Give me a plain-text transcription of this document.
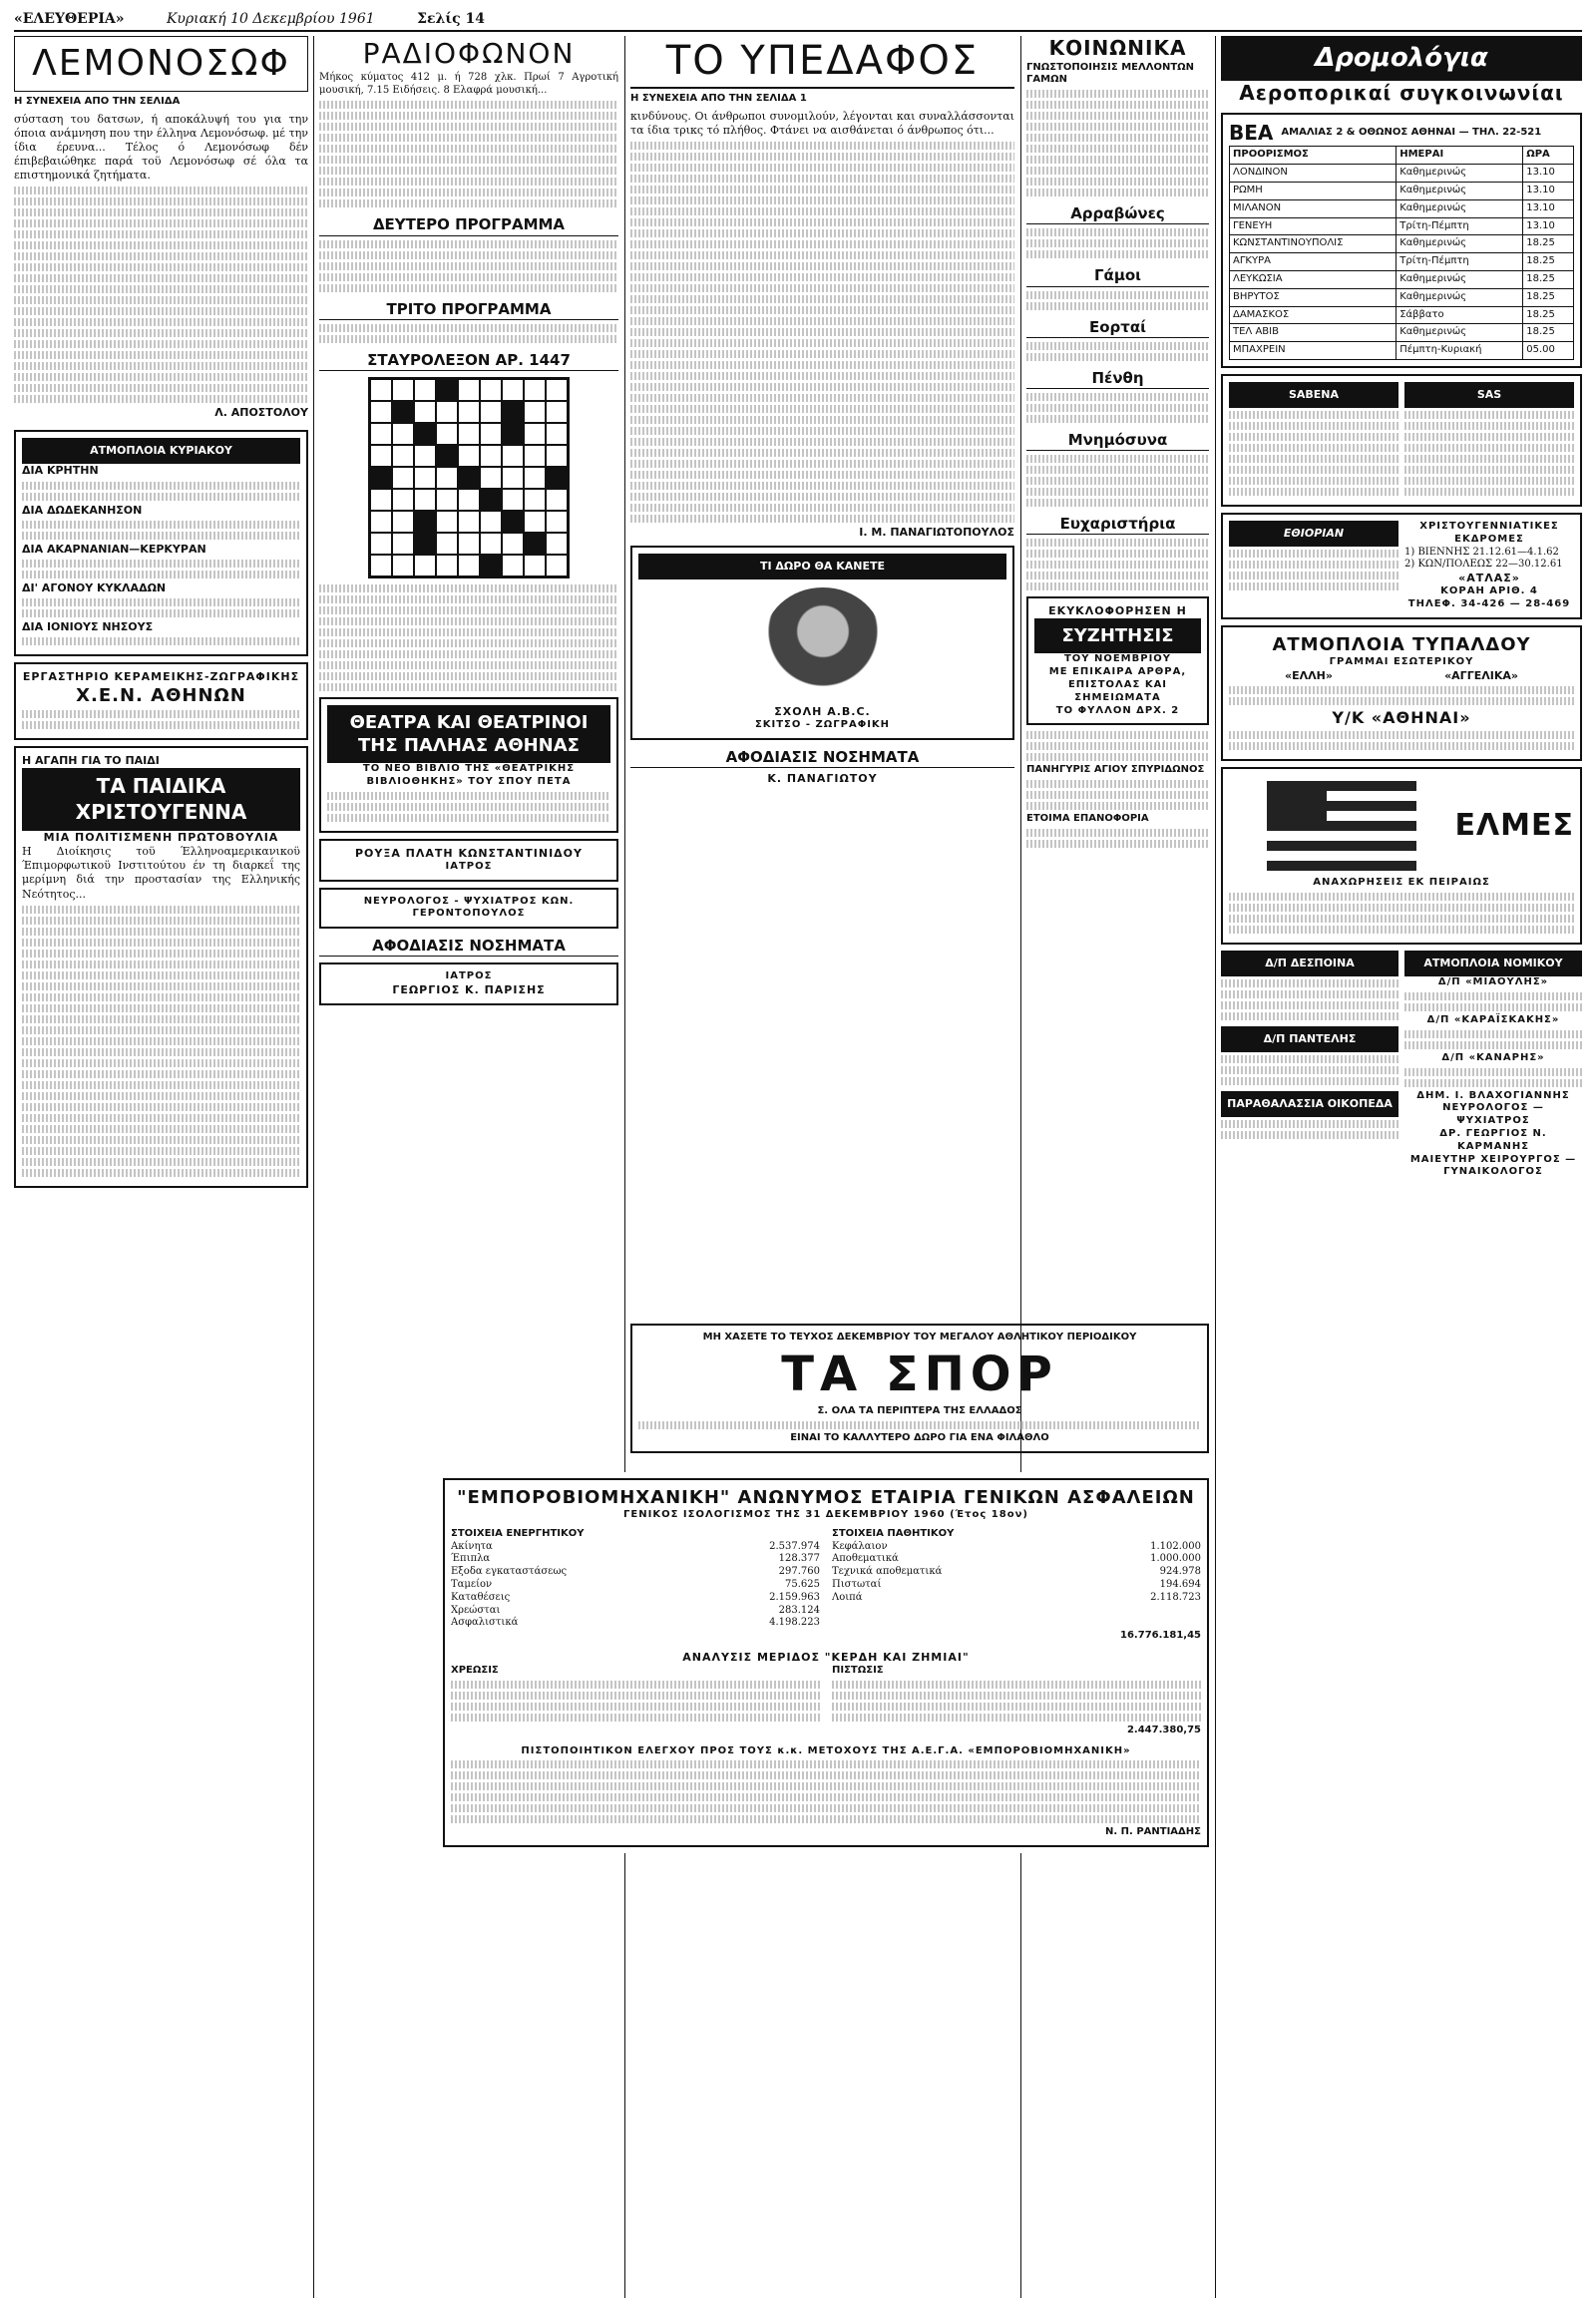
«ΕΛΕΥΘΕΡΙΑ»	Κυριακή 10 Δεκεμβρίου 1961	Σελίς 14
ΛΕΜΟΝΟΣΩΦ
Η ΣΥΝΕΧΕΙΑ ΑΠΟ ΤΗΝ ΣΕΛΙΔΑ

σύσταση του δατσων, ή αποκάλυψή του για την όποια ανάμνηση που την έλληνα Λεμονόσωφ. μέ την ίδια έρευνα... Τέλος ό Λεμονόσωφ δέν έπιβεβαιώθηκε παρά τοϋ Λεμονόσωφ σέ όλα τα επιστημονικά ζητήματα.

Λ. ΑΠΟΣΤΟΛΟΥ
ΑΤΜΟΠΛΟΙΑ ΚΥΡΙΑΚΟΥ
ΔΙΑ ΚΡΗΤΗΝ
ΔΙΑ ΔΩΔΕΚΑΝΗΣΟΝ
ΔΙΑ ΑΚΑΡΝΑΝΙΑΝ—ΚΕΡΚΥΡΑΝ
ΔΙ' ΑΓΟΝΟΥ ΚΥΚΛΑΔΩΝ
ΔΙΑ ΙΟΝΙΟΥΣ ΝΗΣΟΥΣ
ΕΡΓΑΣΤΗΡΙΟ ΚΕΡΑΜΕΙΚΗΣ-ΖΩΓΡΑΦΙΚΗΣ
Χ.Ε.Ν. ΑΘΗΝΩΝ
Η ΑΓΑΠΗ ΓΙΑ ΤΟ ΠΑΙΔΙ
ΤΑ ΠΑΙΔΙΚΑ ΧΡΙΣΤΟΥΓΕΝΝΑ
ΜΙΑ ΠΟΛΙΤΙΣΜΕΝΗ ΠΡΩΤΟΒΟΥΛΙΑ

Η Διοίκησις τοϋ Έλληνοαμερικανικοϋ Έπιμορφωτικοϋ Ινστιτούτου έν τη διαρκεΐ της μερίμνη διά την προστασίαν της Ελληνικής Νεότητος...

ΡΑΔΙΟΦΩΝΟΝ

Μήκος κύματος 412 μ. ή 728 χλκ. Πρωί 7 Αγροτική μουσική, 7.15 Ειδήσεις. 8 Ελαφρά μουσική...

ΔΕΥΤΕΡΟ ΠΡΟΓΡΑΜΜΑ
ΤΡΙΤΟ ΠΡΟΓΡΑΜΜΑ
ΣΤΑΥΡΟΛΕΞΟΝ ΑΡ. 1447
ΘΕΑΤΡΑ ΚΑΙ ΘΕΑΤΡΙΝΟΙ ΤΗΣ ΠΑΛΗΑΣ ΑΘΗΝΑΣ
ΤΟ ΝΕΟ ΒΙΒΛΙΟ ΤΗΣ «ΘΕΑΤΡΙΚΗΣ ΒΙΒΛΙΟΘΗΚΗΣ» ΤΟΥ ΣΠΟΥ ΠΕΤΑ
ΡΟΥΞΑ ΠΛΑΤΗ ΚΩΝΣΤΑΝΤΙΝΙΔΟΥ
ΙΑΤΡΟΣ
ΝΕΥΡΟΛΟΓΟΣ - ΨΥΧΙΑΤΡΟΣ ΚΩΝ. ΓΕΡΟΝΤΟΠΟΥΛΟΣ
ΑΦΟΔΙΑΣΙΣ ΝΟΣΗΜΑΤΑ
ΙΑΤΡΟΣ
ΓΕΩΡΓΙΟΣ Κ. ΠΑΡΙΣΗΣ
ΤΟ ΥΠΕΔΑΦΟΣ
Η ΣΥΝΕΧΕΙΑ ΑΠΟ ΤΗΝ ΣΕΛΙΔΑ 1

κινδύνους. Οι άνθρωποι συνομιλούν, λέγονται και συναλλάσσονται τα ίδια τρικς τό πλήθος. Φτάνει να αισθάνεται ό άνθρωπος ότι...

Ι. Μ. ΠΑΝΑΓΙΩΤΟΠΟΥΛΟΣ
ΤΙ ΔΩΡΟ ΘΑ ΚΑΝΕΤΕ
ΣΧΟΛΗ Α.Β.C.
ΣΚΙΤΣΟ - ΖΩΓΡΑΦΙΚΗ
ΑΦΟΔΙΑΣΙΣ ΝΟΣΗΜΑΤΑ
Κ. ΠΑΝΑΓΙΩΤΟΥ
ΚΟΙΝΩΝΙΚΑ
ΓΝΩΣΤΟΠΟΙΗΣΙΣ ΜΕΛΛΟΝΤΩΝ ΓΑΜΩΝ
Αρραβώνες
Γάμοι
Εορταί
Πένθη
Μνημόσυνα
Ευχαριστήρια
ΕΚΥΚΛΟΦΟΡΗΣΕΝ Η
ΣΥΖΗΤΗΣΙΣ
ΤΟΥ ΝΟΕΜΒΡΙΟΥ
ΜΕ ΕΠΙΚΑΙΡΑ ΑΡΘΡΑ, ΕΠΙΣΤΟΛΑΣ ΚΑΙ ΣΗΜΕΙΩΜΑΤΑ
ΤΟ ΦΥΛΛΟΝ ΔΡΧ. 2
ΠΑΝΗΓΥΡΙΣ ΑΓΙΟΥ ΣΠΥΡΙΔΩΝΟΣ
ΕΤΟΙΜΑ ΕΠΑΝΟΦΟΡΙΑ
Δρομολόγια
Αεροπορικαί συγκοινωνίαι
BEA ΑΜΑΛΙΑΣ 2 & ΟΘΩΝΟΣ ΑΘΗΝΑΙ — ΤΗΛ. 22-521
ΠΡΟΟΡΙΣΜΟΣ	ΗΜΕΡΑΙ	ΩΡΑ
ΛΟΝΔΙΝΟΝ	Καθημερινώς	13.10
ΡΩΜΗ	Καθημερινώς	13.10
ΜΙΛΑΝΟΝ	Καθημερινώς	13.10
ΓΕΝΕΥΗ	Τρίτη-Πέμπτη	13.10
ΚΩΝΣΤΑΝΤΙΝΟΥΠΟΛΙΣ	Καθημερινώς	18.25
ΑΓΚΥΡΑ	Τρίτη-Πέμπτη	18.25
ΛΕΥΚΩΣΙΑ	Καθημερινώς	18.25
ΒΗΡΥΤΟΣ	Καθημερινώς	18.25
ΔΑΜΑΣΚΟΣ	Σάββατο	18.25
ΤΕΛ ΑΒΙΒ	Καθημερινώς	18.25
ΜΠΑΧΡΕΙΝ	Πέμπτη-Κυριακή	05.00
SABENA	SAS
ΕΘΙΟΡΙΑΝ
ΧΡΙΣΤΟΥΓΕΝΝΙΑΤΙΚΕΣ ΕΚΔΡΟΜΕΣ
1) ΒΙΕΝΝΗΣ 21.12.61—4.1.62
2) ΚΩΝ/ΠΟΛΕΩΣ 22—30.12.61
«ΑΤΛΑΣ»
ΚΟΡΑΗ ΑΡΙΘ. 4
ΤΗΛΕΦ. 34-426 — 28-469
ΑΤΜΟΠΛΟΙΑ ΤΥΠΑΛΔΟΥ
ΓΡΑΜΜΑΙ ΕΣΩΤΕΡΙΚΟΥ
«ΕΛΛΗ»	«ΑΓΓΕΛΙΚΑ»
Υ/Κ «ΑΘΗΝΑΙ»
ΕΛΜΕΣ
ΑΝΑΧΩΡΗΣΕΙΣ ΕΚ ΠΕΙΡΑΙΩΣ
Δ/Π ΔΕΣΠΟΙΝΑ
Δ/Π ΠΑΝΤΕΛΗΣ
ΠΑΡΑΘΑΛΑΣΣΙΑ ΟΙΚΟΠΕΔΑ
ΑΤΜΟΠΛΟΙΑ ΝΟΜΙΚΟΥ
Δ/Π «ΜΙΑΟΥΛΗΣ»
Δ/Π «ΚΑΡΑΪΣΚΑΚΗΣ»
Δ/Π «ΚΑΝΑΡΗΣ»
ΔΗΜ. Ι. ΒΛΑΧΟΓΙΑΝΝΗΣ
ΝΕΥΡΟΛΟΓΟΣ — ΨΥΧΙΑΤΡΟΣ
ΔΡ. ΓΕΩΡΓΙΟΣ Ν. ΚΑΡΜΑΝΗΣ
ΜΑΙΕΥΤΗΡ ΧΕΙΡΟΥΡΓΟΣ — ΓΥΝΑΙΚΟΛΟΓΟΣ
ΜΗ ΧΑΣΕΤΕ ΤΟ ΤΕΥΧΟΣ ΔΕΚΕΜΒΡΙΟΥ ΤΟΥ ΜΕΓΑΛΟΥ ΑΘΛΗΤΙΚΟΥ ΠΕΡΙΟΔΙΚΟΥ
ΤΑ ΣΠΟΡ
Σ. ΟΛΑ ΤΑ ΠΕΡΙΠΤΕΡΑ ΤΗΣ ΕΛΛΑΔΟΣ
ΕΙΝΑΙ ΤΟ ΚΑΛΛΥΤΕΡΟ ΔΩΡΟ ΓΙΑ ΕΝΑ ΦΙΛΑΘΛΟ
"ΕΜΠΟΡΟΒΙΟΜΗΧΑΝΙΚΗ" ΑΝΩΝΥΜΟΣ ΕΤΑΙΡΙΑ ΓΕΝΙΚΩΝ ΑΣΦΑΛΕΙΩΝ
ΓΕΝΙΚΟΣ ΙΣΟΛΟΓΙΣΜΟΣ ΤΗΣ 31 ΔΕΚΕΜΒΡΙΟΥ 1960 (Έτος 18ον)
ΣΤΟΙΧΕΙΑ ΕΝΕΡΓΗΤΙΚΟΥ
Ακίνητα	2.537.974
Έπιπλα	128.377
Εξοδα εγκαταστάσεως	297.760
Ταμείον	75.625
Καταθέσεις	2.159.963
Χρεώσται	283.124
Ασφαλιστικά	4.198.223
ΣΤΟΙΧΕΙΑ ΠΑΘΗΤΙΚΟΥ
Κεφάλαιον	1.102.000
Αποθεματικά	1.000.000
Τεχνικά αποθεματικά	924.978
Πιστωταί	194.694
Λοιπά	2.118.723
16.776.181,45
ΑΝΑΛΥΣΙΣ ΜΕΡΙΔΟΣ "ΚΕΡΔΗ ΚΑΙ ΖΗΜΙΑΙ"
ΧΡΕΩΣΙΣ	ΠΙΣΤΩΣΙΣ
2.447.380,75
ΠΙΣΤΟΠΟΙΗΤΙΚΟΝ ΕΛΕΓΧΟΥ ΠΡΟΣ ΤΟΥΣ κ.κ. ΜΕΤΟΧΟΥΣ ΤΗΣ Α.Ε.Γ.Α. «ΕΜΠΟΡΟΒΙΟΜΗΧΑΝΙΚΗ»
Ν. Π. ΡΑΝΤΙΑΔΗΣ
